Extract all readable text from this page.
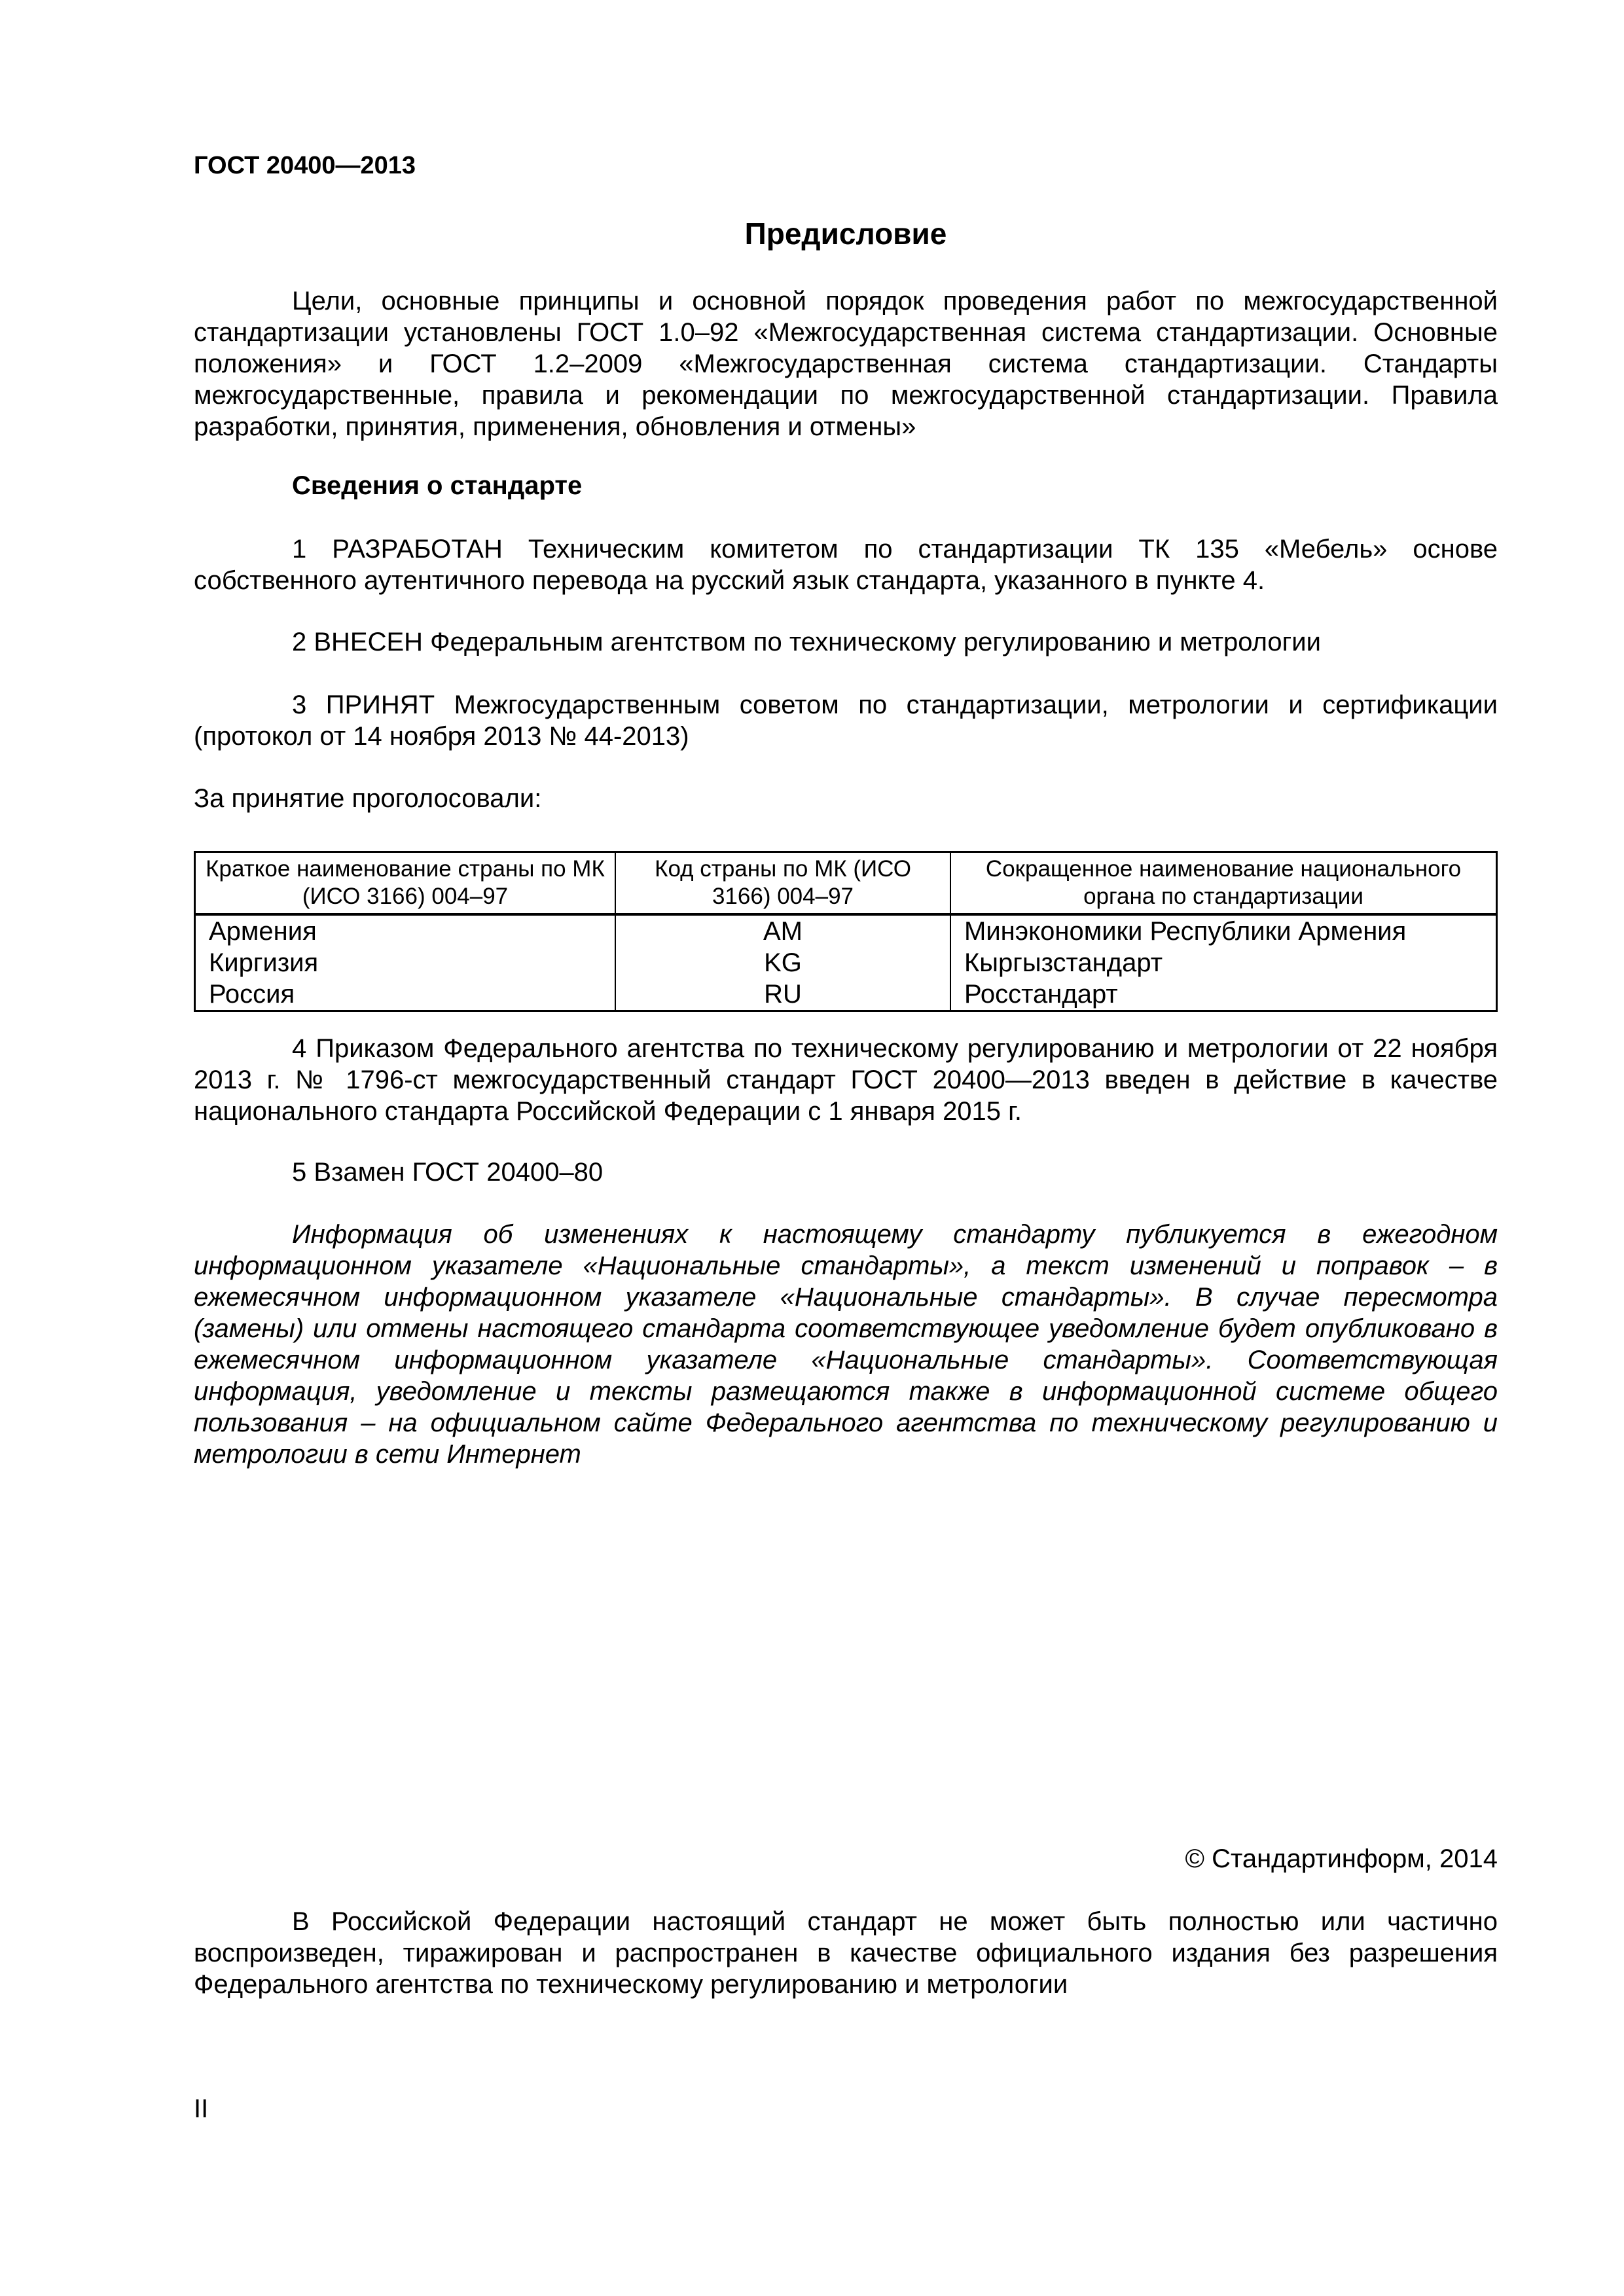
ГОСТ 20400—2013
Предисловие

Цели, основные принципы и основной порядок проведения работ по межгосударственной стандартизации установлены ГОСТ 1.0–92 «Межгосударственная система стандартизации. Основные положения» и ГОСТ 1.2–2009 «Межгосударственная система стандартизации. Стандарты межгосударственные, правила и рекомендации по межгосударственной стандартизации. Правила разработки, принятия, применения, обновления и отмены»

Сведения о стандарте

1 РАЗРАБОТАН Техническим комитетом по стандартизации ТК 135 «Мебель» основе собственного аутентичного перевода на русский язык стандарта, указанного в пункте 4.

2 ВНЕСЕН Федеральным агентством по техническому регулированию и метрологии

3 ПРИНЯТ Межгосударственным советом по стандартизации, метрологии и сертификации (протокол от 14 ноября 2013 № 44-2013)

За принятие проголосовали:

Краткое наименование страны по МК (ИСО 3166) 004–97	Код страны по МК (ИСО 3166) 004–97	Сокращенное наименование национального органа по стандартизации
Армения	AM	Минэкономики Республики Армения
Киргизия	KG	Кыргызстандарт
Россия	RU	Росстандарт

4 Приказом Федерального агентства по техническому регулированию и метрологии от 22 ноября 2013 г. № 1796-ст межгосударственный стандарт ГОСТ 20400—2013 введен в действие в качестве национального стандарта Российской Федерации с 1 января 2015 г.

5 Взамен ГОСТ 20400–80

Информация об изменениях к настоящему стандарту публикуется в ежегодном информационном указателе «Национальные стандарты», а текст изменений и поправок – в ежемесячном информационном указателе «Национальные стандарты». В случае пересмотра (замены) или отмены настоящего стандарта соответствующее уведомление будет опубликовано в ежемесячном информационном указателе «Национальные стандарты». Соответствующая информация, уведомление и тексты размещаются также в информационной системе общего пользования – на официальном сайте Федерального агентства по техническому регулированию и метрологии в сети Интернет

© Стандартинформ, 2014

В Российской Федерации настоящий стандарт не может быть полностью или частично воспроизведен, тиражирован и распространен в качестве официального издания без разрешения Федерального агентства по техническому регулированию и метрологии

II
